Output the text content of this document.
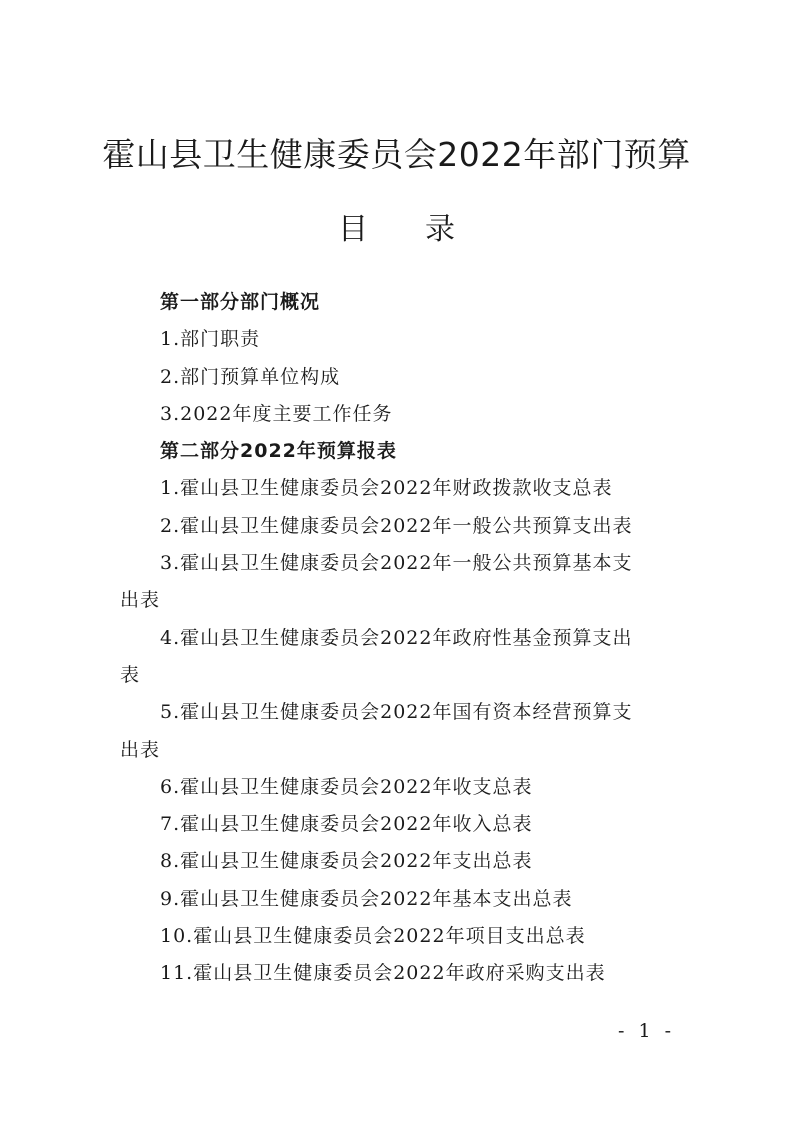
霍山县卫生健康委员会2022年部门预算
目 录
第一部分部门概况
1.部门职责
2.部门预算单位构成
3.2022年度主要工作任务
第二部分2022年预算报表
1.霍山县卫生健康委员会2022年财政拨款收支总表
2.霍山县卫生健康委员会2022年一般公共预算支出表
3.霍山县卫生健康委员会2022年一般公共预算基本支
出表
4.霍山县卫生健康委员会2022年政府性基金预算支出
表
5.霍山县卫生健康委员会2022年国有资本经营预算支
出表
6.霍山县卫生健康委员会2022年收支总表
7.霍山县卫生健康委员会2022年收入总表
8.霍山县卫生健康委员会2022年支出总表
9.霍山县卫生健康委员会2022年基本支出总表
10.霍山县卫生健康委员会2022年项目支出总表
11.霍山县卫生健康委员会2022年政府采购支出表
- 1 -
